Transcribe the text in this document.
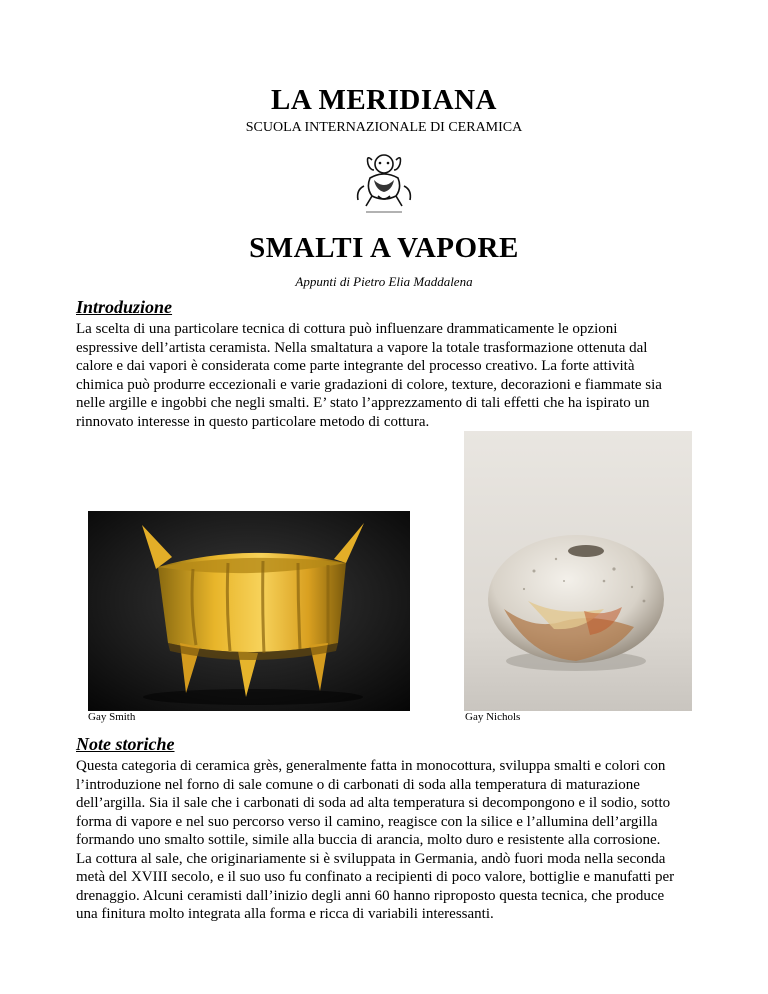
LA MERIDIANA
SCUOLA INTERNAZIONALE DI CERAMICA
SMALTI A VAPORE
Appunti di Pietro Elia Maddalena
Introduzione
La scelta di una particolare tecnica di cottura può influenzare drammaticamente le opzioni
espressive dell’artista ceramista. Nella smaltatura a vapore la totale trasformazione ottenuta dal
calore e dai vapori è considerata come parte integrante del processo creativo. La forte attività
chimica può produrre eccezionali e varie gradazioni di colore, texture, decorazioni e fiammate sia
nelle argille e ingobbi che negli smalti. E’ stato l’apprezzamento di tali effetti che ha ispirato un
rinnovato interesse in questo particolare metodo di cottura.
Gay Smith	Gay Nichols
Note storiche
Questa categoria di ceramica grès, generalmente fatta in monocottura, sviluppa smalti e colori con
l’introduzione nel forno di sale comune o di carbonati di soda alla temperatura di maturazione
dell’argilla. Sia il sale che i carbonati di soda ad alta temperatura si decompongono e il sodio, sotto
forma di vapore e nel suo percorso verso il camino, reagisce con la silice e l’allumina dell’argilla
formando uno smalto sottile, simile alla buccia di arancia, molto duro e resistente alla corrosione.
La cottura al sale, che originariamente si è sviluppata in Germania, andò fuori moda nella seconda
metà del XVIII secolo, e il suo uso fu confinato a recipienti di poco valore, bottiglie e manufatti per
drenaggio. Alcuni ceramisti dall’inizio degli anni 60 hanno riproposto questa tecnica, che produce
una finitura molto integrata alla forma e ricca di variabili interessanti.
